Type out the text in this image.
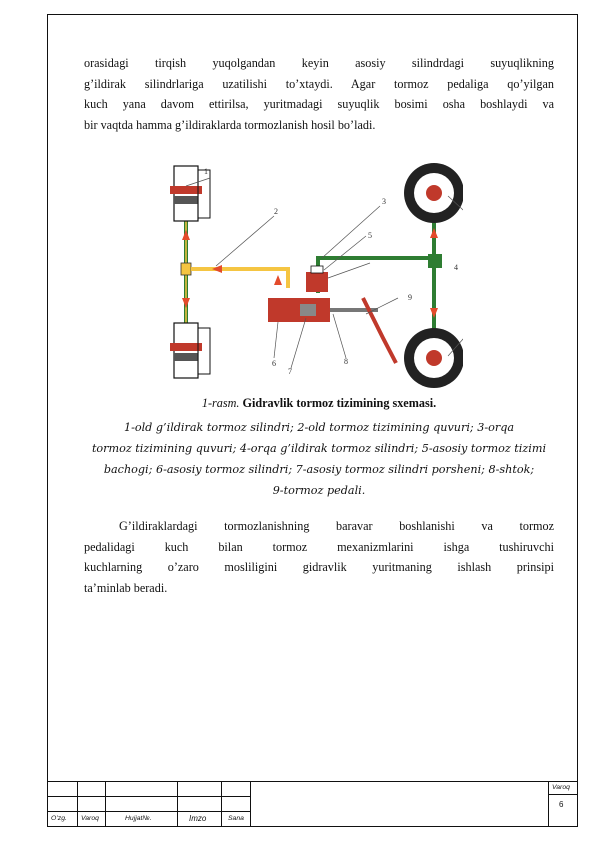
orasidagi tirqish yuqolgandan keyin asosiy silindrdagi suyuqlikning
g’ildirak silindrlariga uzatilishi to’xtaydi. Agar tormoz pedaliga qo’yilgan
kuch yana davom ettirilsa, yuritmadagi suyuqlik bosimi osha boshlaydi va
bir vaqtda hamma g’ildiraklarda tormozlanish hosil bo’ladi.
1
2
3
4
5
6
7
8
9
1-rasm. Gidravlik tormoz tizimining sxemasi.
1-old g’ildirak tormoz silindri; 2-old tormoz tizimining quvuri; 3-orqa
tormoz tizimining quvuri; 4-orqa g’ildirak tormoz silindri; 5-asosiy tormoz tizimi
bachogi; 6-asosiy tormoz silindri; 7-asosiy tormoz silindri porsheni; 8-shtok;
9-tormoz pedali.
G’ildiraklardagi tormozlanishning baravar boshlanishi va tormoz
pedalidagi kuch bilan tormoz mexanizmlarini ishga tushiruvchi
kuchlarning o’zaro mosliligini gidravlik yuritmaning ishlash prinsipi
ta’minlab beradi.
O’zg. Varoq	Hujjat№.	Imzo	Sana
Varoq
6
